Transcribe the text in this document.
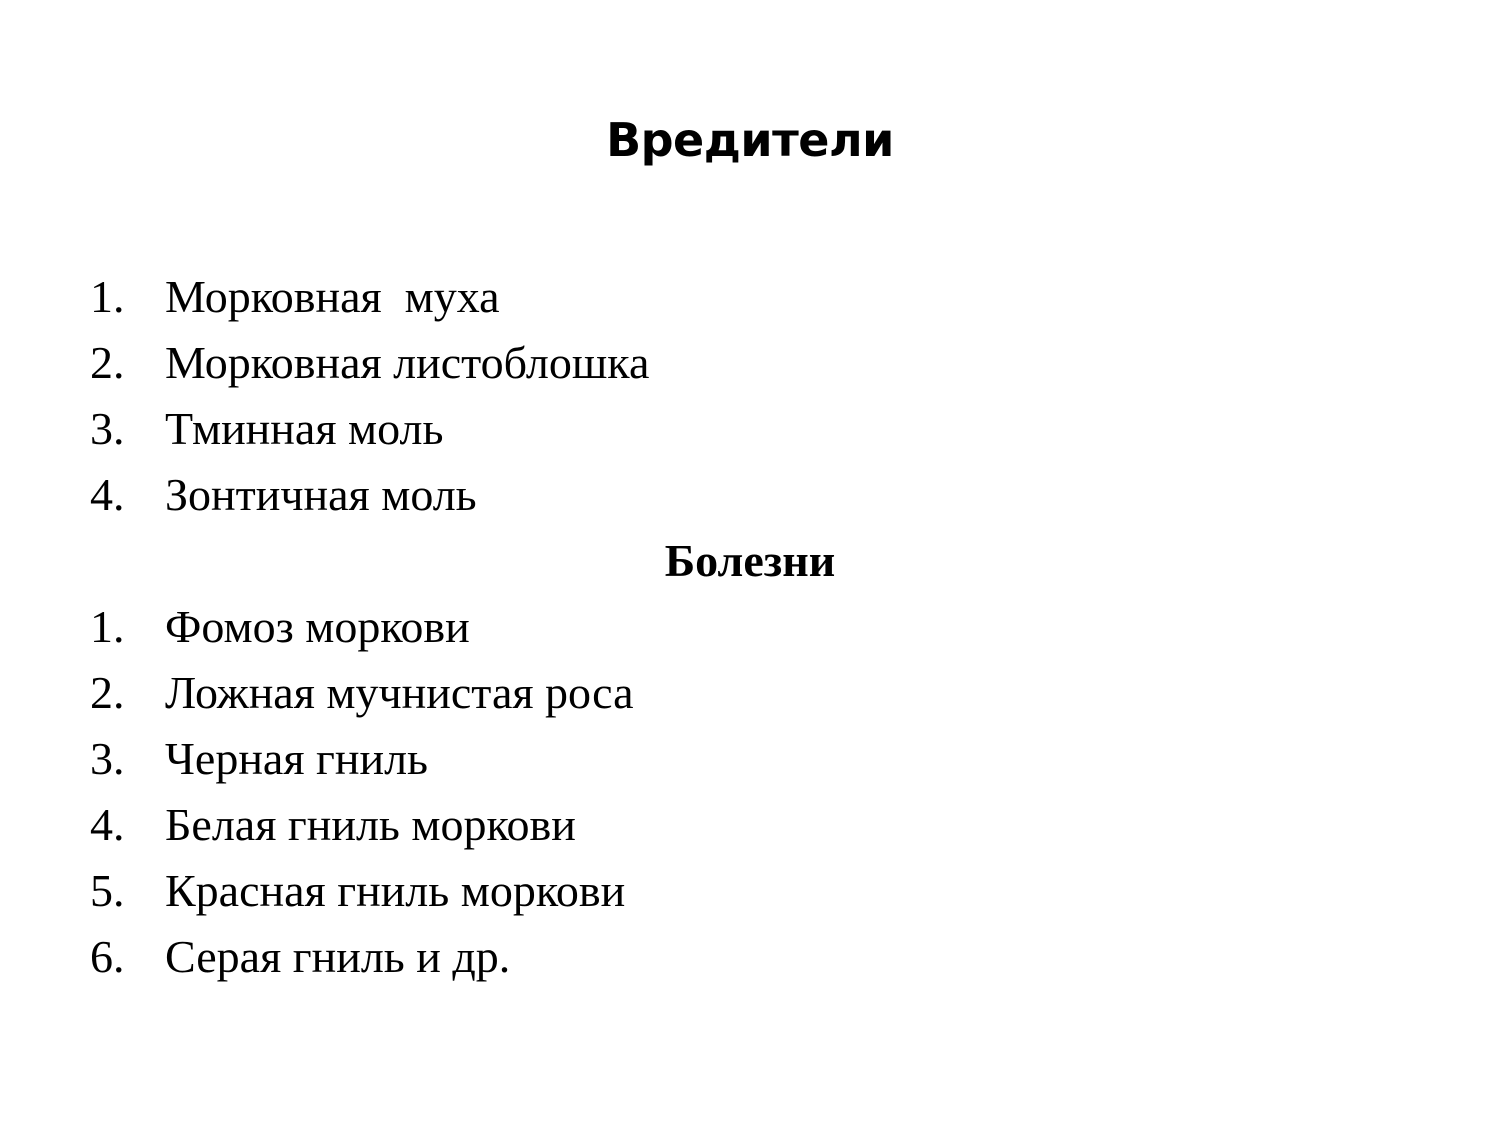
Вредители
1. Морковная  муха
2. Морковная листоблошка
3. Тминная моль
4. Зонтичная моль
Болезни
1. Фомоз моркови
2. Ложная мучнистая роса
3. Черная гниль
4. Белая гниль моркови
5. Красная гниль моркови
6. Серая гниль и др.
